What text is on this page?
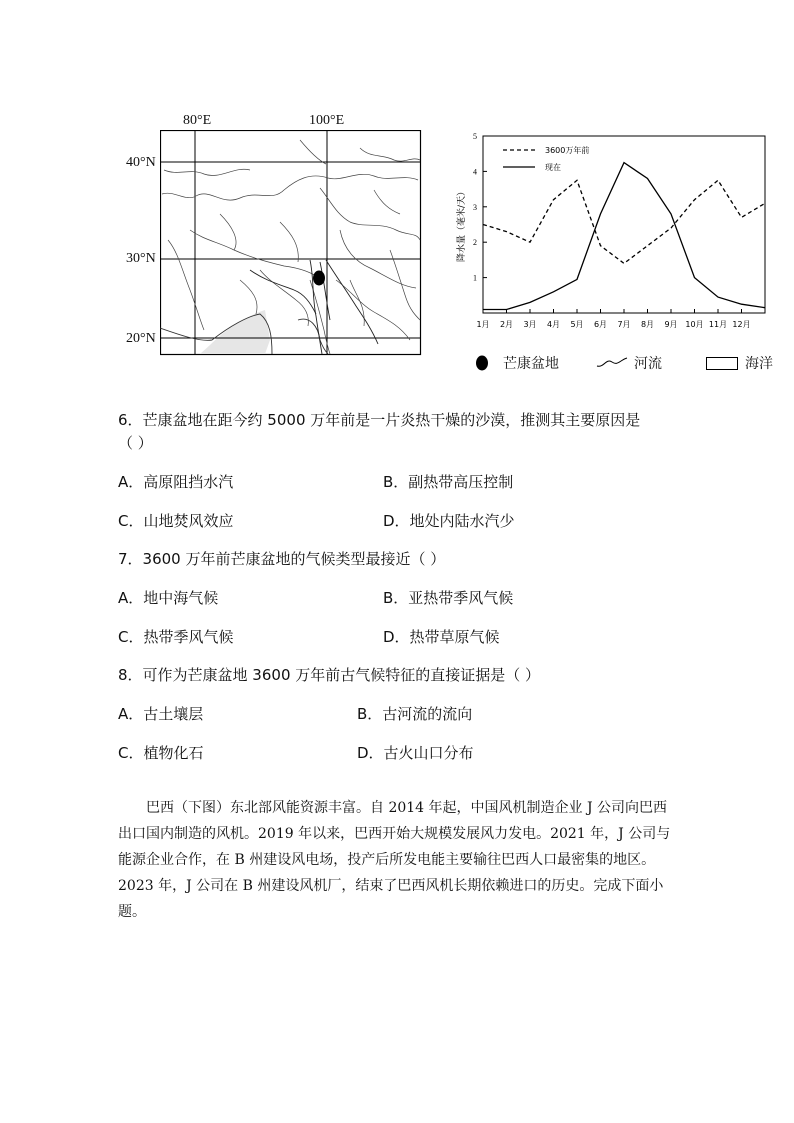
80°E	100°E
40°N
30°N
20°N
1
2
3
4
5
降水量（毫米/天）
1月 2月 3月 4月 5月 6月 7月 8月 9月 10月 11月 12月
3600万年前
现在
芒康盆地	河流	海洋
6．芒康盆地在距今约 5000 万年前是一片炎热干燥的沙漠，推测其主要原因是
（ ）
A．高原阻挡水汽	B．副热带高压控制
C．山地焚风效应	D．地处内陆水汽少
7．3600 万年前芒康盆地的气候类型最接近（ ）
A．地中海气候	B．亚热带季风气候
C．热带季风气候	D．热带草原气候
8．可作为芒康盆地 3600 万年前古气候特征的直接证据是（ ）
A．古土壤层	B．古河流的流向
C．植物化石	D．古火山口分布

巴西（下图）东北部风能资源丰富。自 2014 年起，中国风机制造企业 J 公司向巴西出口国内制造的风机。2019 年以来，巴西开始大规模发展风力发电。2021 年，J 公司与能源企业合作，在 B 州建设风电场，投产后所发电能主要输往巴西人口最密集的地区。2023 年，J 公司在 B 州建设风机厂，结束了巴西风机长期依赖进口的历史。完成下面小题。
